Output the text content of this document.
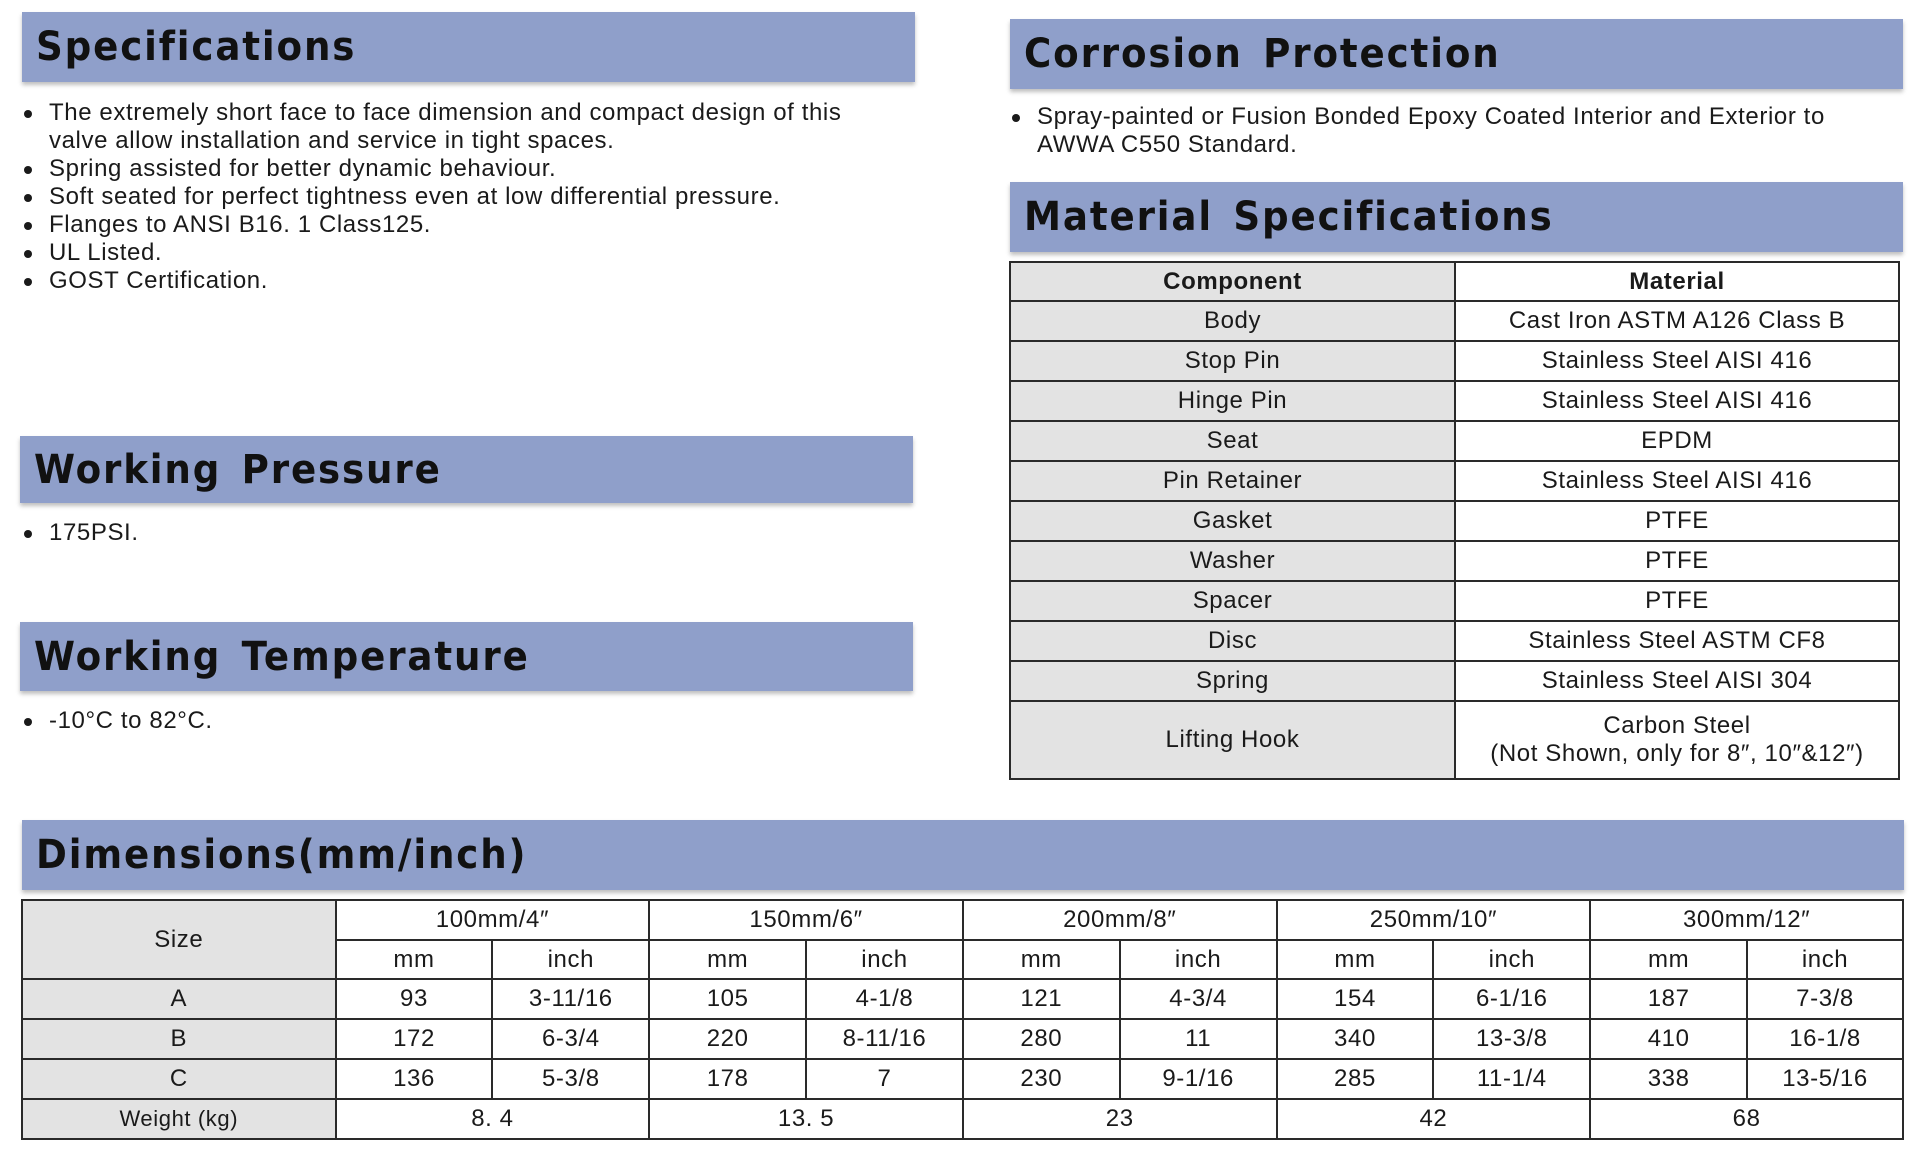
Specifications
The extremely short face to face dimension and compact design of this valve allow installation and service in tight spaces.
Spring assisted for better dynamic behaviour.
Soft seated for perfect tightness even at low differential pressure.
Flanges to ANSI B16. 1 Class125.
UL Listed.
GOST Certification.
Working Pressure
175PSI.
Working Temperature
-10°C to 82°C.
Corrosion Protection
Spray-painted or Fusion Bonded Epoxy Coated Interior and Exterior to AWWA C550 Standard.
Material Specifications
Component	Material
Body	Cast Iron ASTM A126 Class B
Stop Pin	Stainless Steel AISI 416
Hinge Pin	Stainless Steel AISI 416
Seat	EPDM
Pin Retainer	Stainless Steel AISI 416
Gasket	PTFE
Washer	PTFE
Spacer	PTFE
Disc	Stainless Steel ASTM CF8
Spring	Stainless Steel AISI 304
Lifting Hook	Carbon Steel
(Not Shown, only for 8″, 10″&12″)
Dimensions(mm/inch)
Size	100mm/4″		150mm/6″		200mm/8″		250mm/10″		300mm/12″	
	mm	inch	mm	inch	mm	inch	mm	inch	mm	inch
A	93	3-11/16	105	4-1/8	121	4-3/4	154	6-1/16	187	7-3/8
B	172	6-3/4	220	8-11/16	280	11	340	13-3/8	410	16-1/8
C	136	5-3/8	178	7	230	9-1/16	285	11-1/4	338	13-5/16
Weight (kg)	8. 4		13. 5		23		42		68	
